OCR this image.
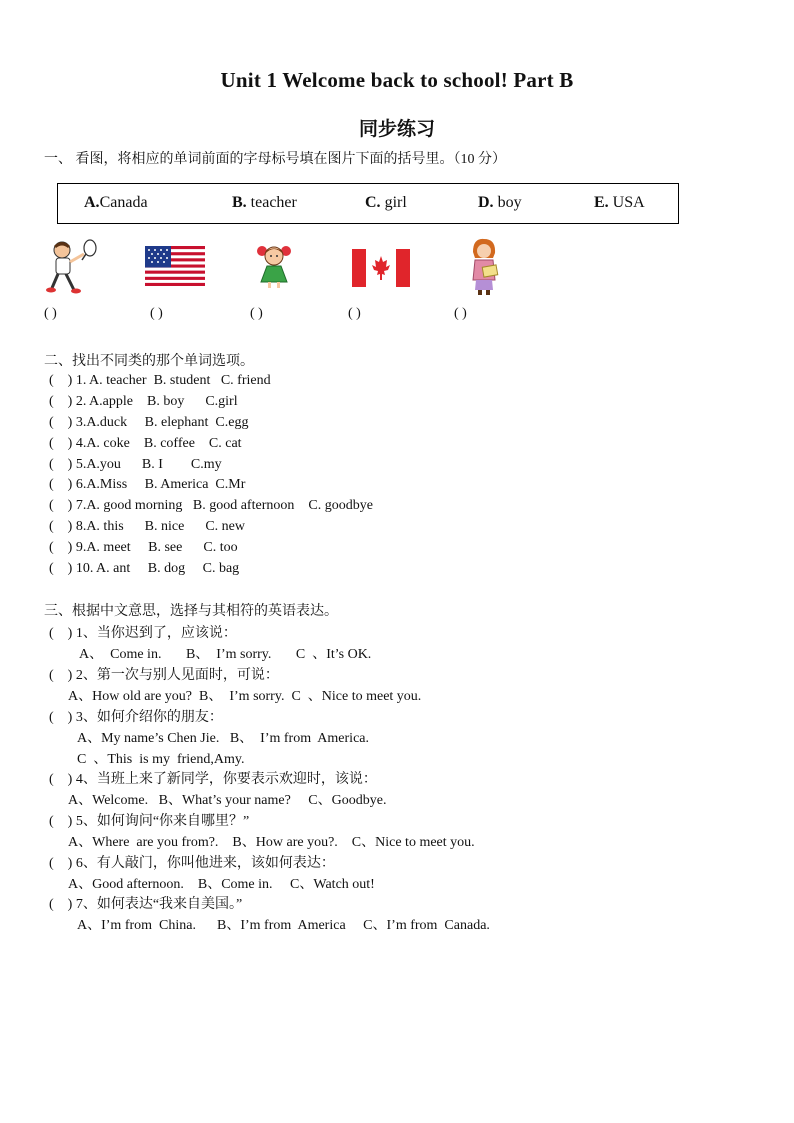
Unit 1 Welcome back to school! Part B
同步练习
一、 看图，将相应的单词前面的字母标号填在图片下面的括号里。（10 分）
A.Canada	B. teacher	C. girl	D. boy	E. USA
( )	( )	( )	( )	( )
二、找出不同类的那个单词选项。
(    ) 1. A. teacher  B. student   C. friend
(    ) 2. A.apple    B. boy      C.girl
(    ) 3.A.duck     B. elephant  C.egg
(    ) 4.A. coke    B. coffee    C. cat
(    ) 5.A.you      B. I        C.my
(    ) 6.A.Miss     B. America  C.Mr
(    ) 7.A. good morning   B. good afternoon    C. goodbye
(    ) 8.A. this      B. nice      C. new
(    ) 9.A. meet     B. see      C. too
(    ) 10. A. ant     B. dog     C. bag
三、根据中文意思，选择与其相符的英语表达。
(    ) 1、当你迟到了，应该说：
A、  Come in.       B、  I’m sorry.       C  、It’s OK.
(    ) 2、第一次与别人见面时，可说：
A、How old are you?  B、  I’m sorry.  C  、Nice to meet you.
(    ) 3、如何介绍你的朋友：
A、My name’s Chen Jie.   B、  I’m from  America.
C  、This  is my  friend,Amy.
(    ) 4、当班上来了新同学，你要表示欢迎时，该说：
A、Welcome.   B、What’s your name?     C、Goodbye.
(    ) 5、如何询问“你来自哪里？”
A、Where  are you from?.    B、How are you?.    C、Nice to meet you.
(    ) 6、有人敲门，你叫他进来，该如何表达：
A、Good afternoon.    B、Come in.     C、Watch out!
(    ) 7、如何表达“我来自美国。”
A、I’m from  China.      B、I’m from  America     C、I’m from  Canada.
